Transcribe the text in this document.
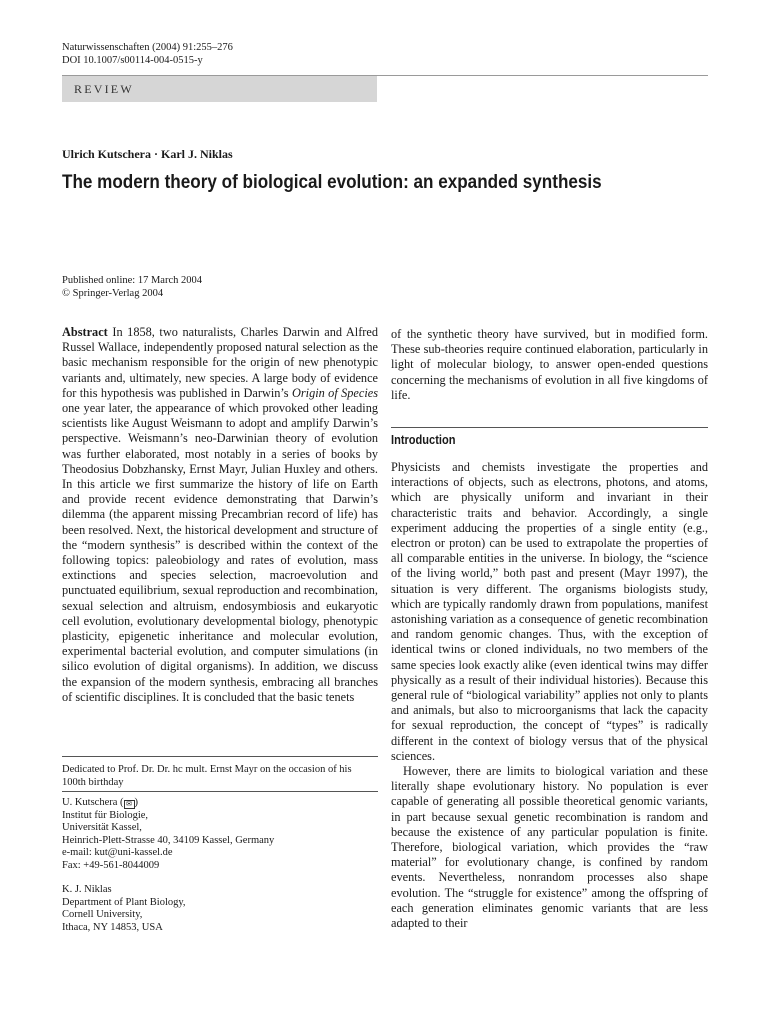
Naturwissenschaften (2004) 91:255–276
DOI 10.1007/s00114-004-0515-y
REVIEW
Ulrich Kutschera · Karl J. Niklas
The modern theory of biological evolution: an expanded synthesis
Published online: 17 March 2004
© Springer-Verlag 2004

Abstract In 1858, two naturalists, Charles Darwin and Alfred Russel Wallace, independently proposed natural selection as the basic mechanism responsible for the origin of new phenotypic variants and, ultimately, new species. A large body of evidence for this hypothesis was published in Darwin’s Origin of Species one year later, the appearance of which provoked other leading scientists like August Weismann to adopt and amplify Darwin’s perspective. Weismann’s neo-Darwinian theory of evolution was further elaborated, most notably in a series of books by Theodosius Dobzhansky, Ernst Mayr, Julian Huxley and others. In this article we first summarize the history of life on Earth and provide recent evidence demonstrating that Darwin’s dilemma (the apparent missing Precambrian record of life) has been resolved. Next, the historical development and structure of the “modern synthesis” is described within the context of the following topics: paleobiology and rates of evolution, mass extinctions and species selection, macroevolution and punctuated equilibrium, sexual reproduction and recombination, sexual selection and altruism, endosymbiosis and eukaryotic cell evolution, evolutionary developmental biology, phenotypic plasticity, epigenetic inheritance and molecular evolution, experimental bacterial evolution, and computer simulations (in silico evolution of digital organisms). In addition, we discuss the expansion of the modern synthesis, embracing all branches of scientific disciplines. It is concluded that the basic tenets

Dedicated to Prof. Dr. Dr. hc mult. Ernst Mayr on the occasion of his 100th birthday
U. Kutschera ( ✉ )
Institut für Biologie,
Universität Kassel,
Heinrich-Plett-Strasse 40, 34109 Kassel, Germany
e-mail: kut@uni-kassel.de
Fax: +49-561-8044009
K. J. Niklas
Department of Plant Biology,
Cornell University,
Ithaca, NY 14853, USA

of the synthetic theory have survived, but in modified form. These sub-theories require continued elaboration, particularly in light of molecular biology, to answer open-ended questions concerning the mechanisms of evolution in all five kingdoms of life.

Introduction

Physicists and chemists investigate the properties and interactions of objects, such as electrons, photons, and atoms, which are physically uniform and invariant in their characteristic traits and behavior. Accordingly, a single experiment adducing the properties of a single entity (e.g., electron or proton) can be used to extrapolate the properties of all comparable entities in the universe. In biology, the “science of the living world,” both past and present (Mayr 1997), the situation is very different. The organisms biologists study, which are typically randomly drawn from populations, manifest astonishing variation as a consequence of genetic recombination and random genomic changes. Thus, with the exception of identical twins or cloned individuals, no two members of the same species look exactly alike (even identical twins may differ physically as a result of their individual histories). Because this general rule of “biological variability” applies not only to plants and animals, but also to microorganisms that lack the capacity for sexual reproduction, the concept of “types” is radically different in the context of biology versus that of the physical sciences.

However, there are limits to biological variation and these literally shape evolutionary history. No population is ever capable of generating all possible theoretical genomic variants, in part because sexual genetic recombination is random and because the existence of any particular population is finite. Therefore, biological variation, which provides the “raw material” for evolutionary change, is confined by random events. Nevertheless, nonrandom processes also shape evolution. The “struggle for existence” among the offspring of each generation eliminates genomic variants that are less adapted to their
